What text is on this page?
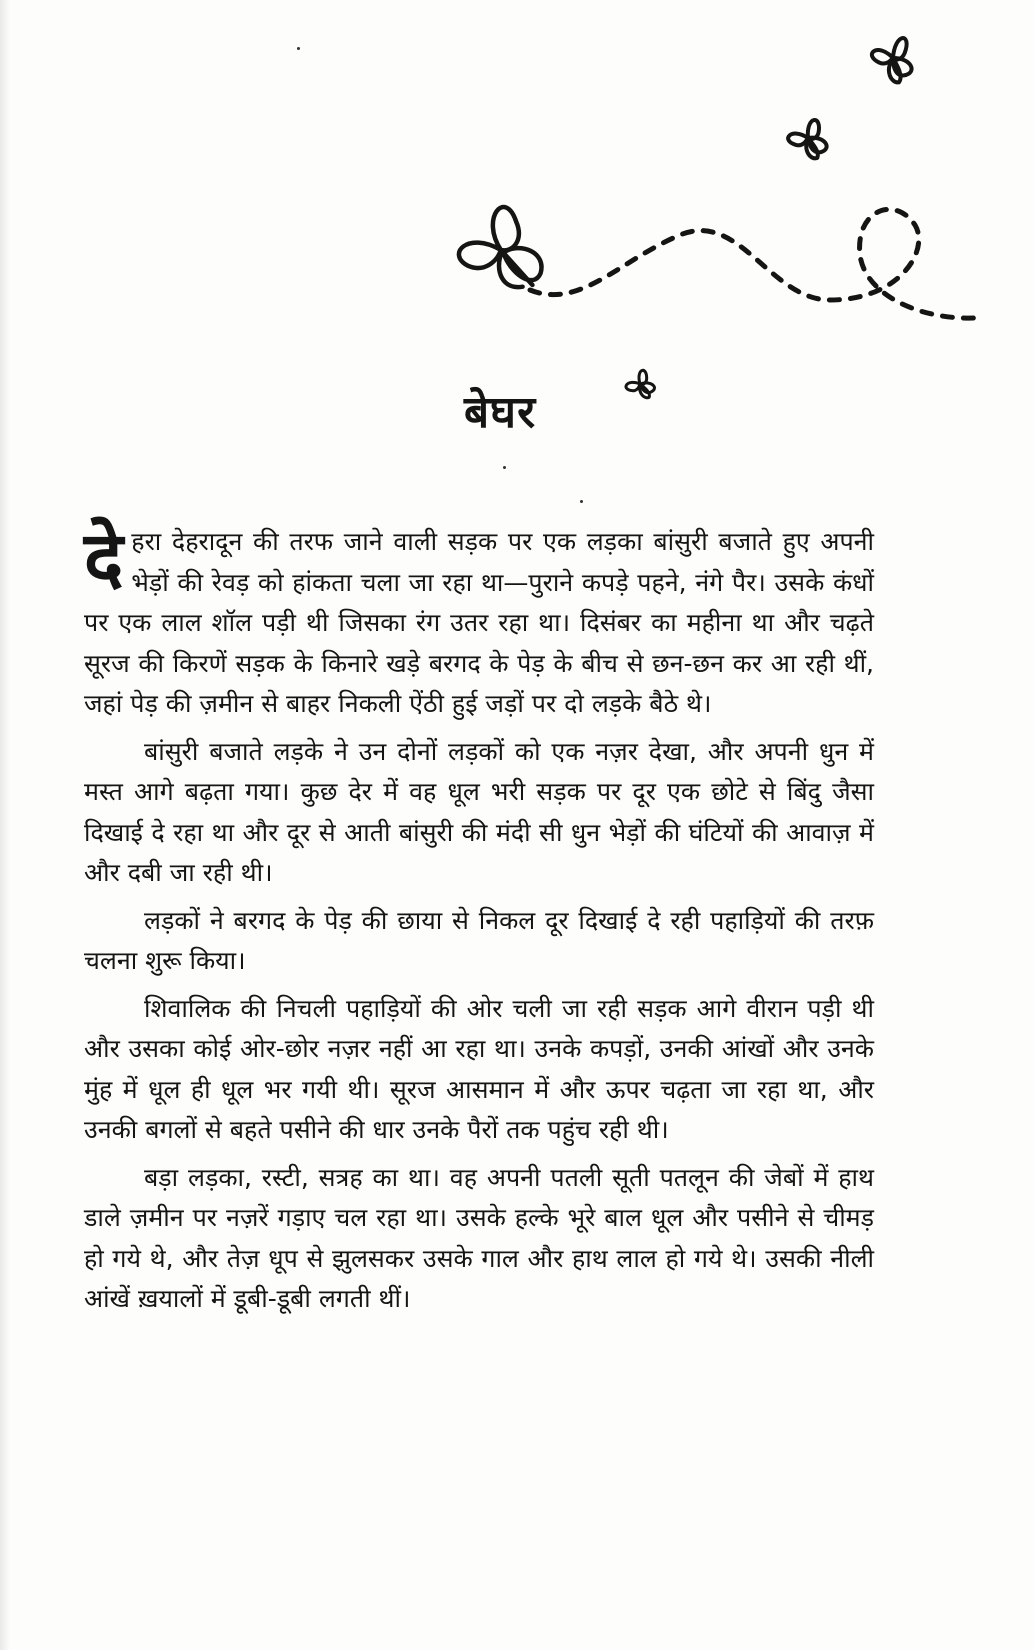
बेघर

देहरा देहरादून की तरफ जाने वाली सड़क पर एक लड़का बांसुरी बजाते हुए अपनी भेड़ों की रेवड़ को हांकता चला जा रहा था—पुराने कपड़े पहने, नंगे पैर। उसके कंधों पर एक लाल शॉल पड़ी थी जिसका रंग उतर रहा था। दिसंबर का महीना था और चढ़ते सूरज की किरणें सड़क के किनारे खड़े बरगद के पेड़ के बीच से छन-छन कर आ रही थीं, जहां पेड़ की ज़मीन से बाहर निकली ऐंठी हुई जड़ों पर दो लड़के बैठे थे।

बांसुरी बजाते लड़के ने उन दोनों लड़कों को एक नज़र देखा, और अपनी धुन में मस्त आगे बढ़ता गया। कुछ देर में वह धूल भरी सड़क पर दूर एक छोटे से बिंदु जैसा दिखाई दे रहा था और दूर से आती बांसुरी की मंदी सी धुन भेड़ों की घंटियों की आवाज़ में और दबी जा रही थी।

लड़कों ने बरगद के पेड़ की छाया से निकल दूर दिखाई दे रही पहाड़ियों की तरफ़ चलना शुरू किया।

शिवालिक की निचली पहाड़ियों की ओर चली जा रही सड़क आगे वीरान पड़ी थी और उसका कोई ओर-छोर नज़र नहीं आ रहा था। उनके कपड़ों, उनकी आंखों और उनके मुंह में धूल ही धूल भर गयी थी। सूरज आसमान में और ऊपर चढ़ता जा रहा था, और उनकी बगलों से बहते पसीने की धार उनके पैरों तक पहुंच रही थी।

बड़ा लड़का, रस्टी, सत्रह का था। वह अपनी पतली सूती पतलून की जेबों में हाथ डाले ज़मीन पर नज़रें गड़ाए चल रहा था। उसके हल्के भूरे बाल धूल और पसीने से चीमड़ हो गये थे, और तेज़ धूप से झुलसकर उसके गाल और हाथ लाल हो गये थे। उसकी नीली आंखें ख़यालों में डूबी-डूबी लगती थीं।
